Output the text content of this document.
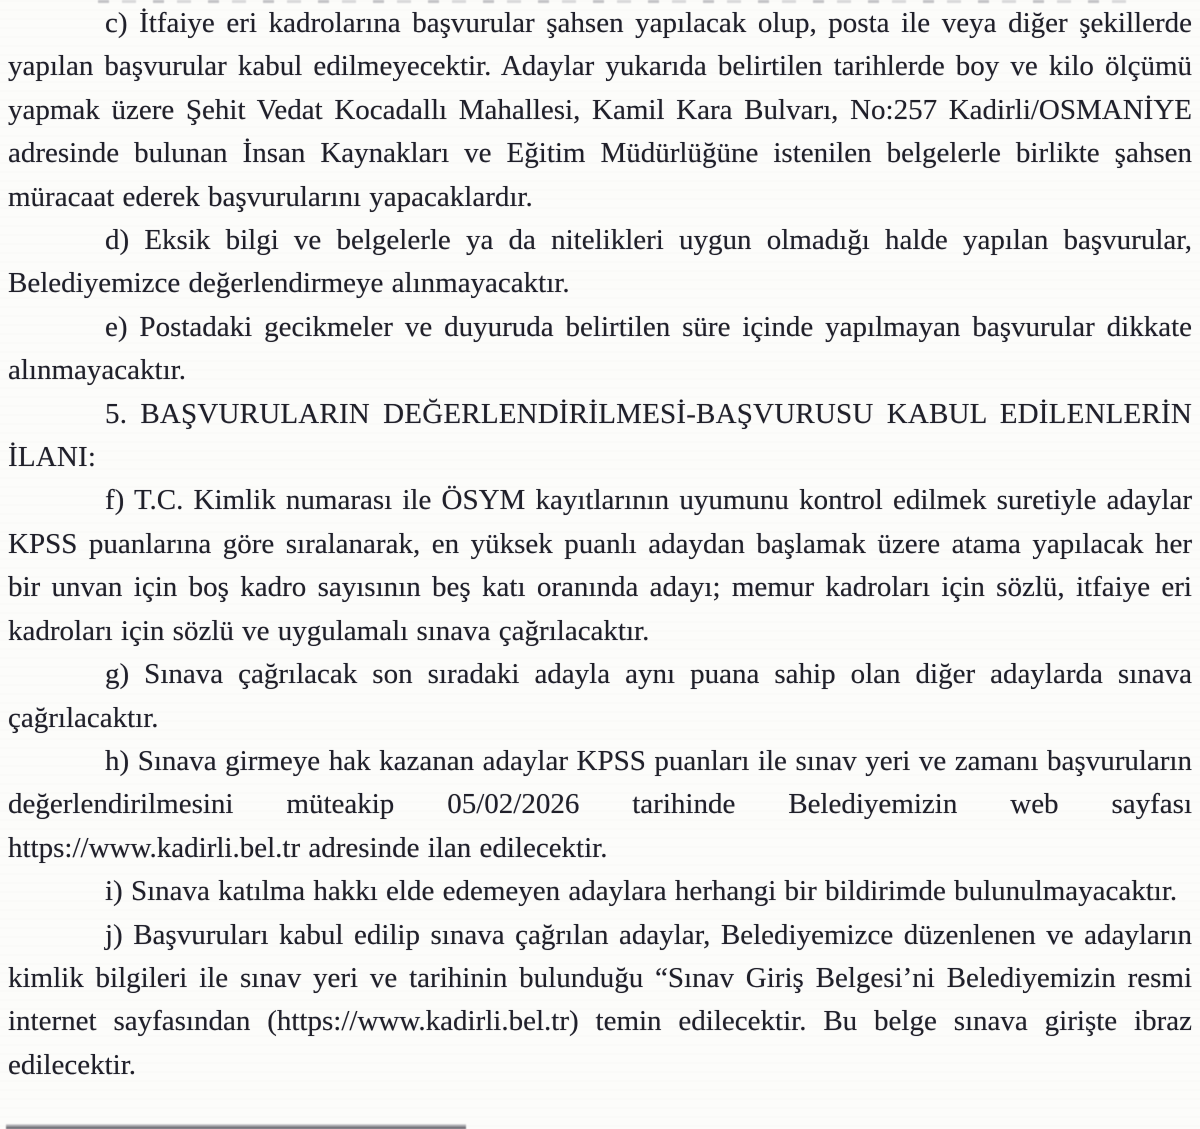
c) İtfaiye eri kadrolarına başvurular şahsen yapılacak olup, posta ile veya diğer şekillerde yapılan başvurular kabul edilmeyecektir. Adaylar yukarıda belirtilen tarihlerde boy ve kilo ölçümü yapmak üzere Şehit Vedat Kocadallı Mahallesi, Kamil Kara Bulvarı, No:257 Kadirli/OSMANİYE adresinde bulunan İnsan Kaynakları ve Eğitim Müdürlüğüne istenilen belgelerle birlikte şahsen müracaat ederek başvurularını yapacaklardır.

d) Eksik bilgi ve belgelerle ya da nitelikleri uygun olmadığı halde yapılan başvurular, Belediyemizce değerlendirmeye alınmayacaktır.

e) Postadaki gecikmeler ve duyuruda belirtilen süre içinde yapılmayan başvurular dikkate alınmayacaktır.

5. BAŞVURULARIN DEĞERLENDİRİLMESİ-BAŞVURUSU KABUL EDİLENLERİN İLANI:

f) T.C. Kimlik numarası ile ÖSYM kayıtlarının uyumunu kontrol edilmek suretiyle adaylar KPSS puanlarına göre sıralanarak, en yüksek puanlı adaydan başlamak üzere atama yapılacak her bir unvan için boş kadro sayısının beş katı oranında adayı; memur kadroları için sözlü, itfaiye eri kadroları için sözlü ve uygulamalı sınava çağrılacaktır.

g) Sınava çağrılacak son sıradaki adayla aynı puana sahip olan diğer adaylarda sınava çağrılacaktır.

h) Sınava girmeye hak kazanan adaylar KPSS puanları ile sınav yeri ve zamanı başvuruların değerlendirilmesini müteakip 05/02/2026 tarihinde Belediyemizin web sayfası https://www.kadirli.bel.tr adresinde ilan edilecektir.

i) Sınava katılma hakkı elde edemeyen adaylara herhangi bir bildirimde bulunulmayacaktır.

j) Başvuruları kabul edilip sınava çağrılan adaylar, Belediyemizce düzenlenen ve adayların kimlik bilgileri ile sınav yeri ve tarihinin bulunduğu “Sınav Giriş Belgesi’ni Belediyemizin resmi internet sayfasından (https://www.kadirli.bel.tr) temin edilecektir. Bu belge sınava girişte ibraz edilecektir.
